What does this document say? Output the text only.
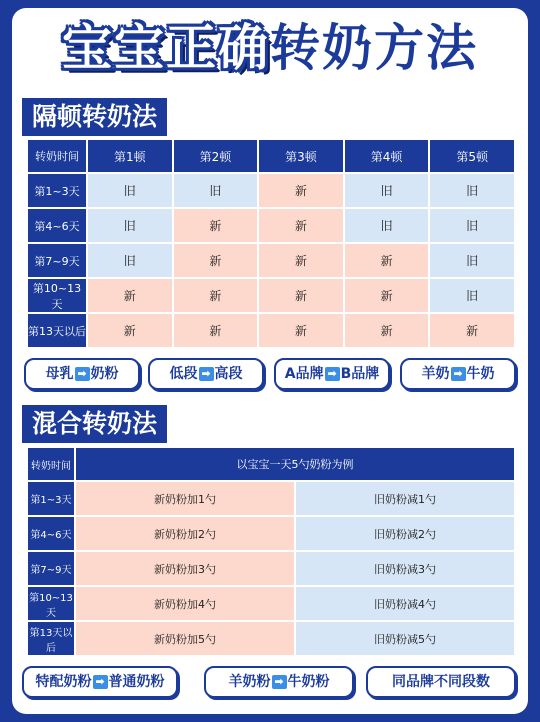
宝宝正确转奶方法
隔顿转奶法
转奶时间	第1顿	第2顿	第3顿	第4顿	第5顿
第1~3天	旧	旧	新	旧	旧
第4~6天	旧	新	新	旧	旧
第7~9天	旧	新	新	新	旧
第10~13天	新	新	新	新	旧
第13天以后	新	新	新	新	新
母乳 ➡ 奶粉	低段 ➡ 高段	A品牌 ➡ B品牌	羊奶 ➡ 牛奶
混合转奶法
转奶时间	以宝宝一天5勺奶粉为例	
第1~3天	新奶粉加1勺	旧奶粉减1勺
第4~6天	新奶粉加2勺	旧奶粉减2勺
第7~9天	新奶粉加3勺	旧奶粉减3勺
第10~13天	新奶粉加4勺	旧奶粉减4勺
第13天以后	新奶粉加5勺	旧奶粉减5勺
特配奶粉 ➡ 普通奶粉	羊奶粉 ➡ 牛奶粉	同品牌不同段数
